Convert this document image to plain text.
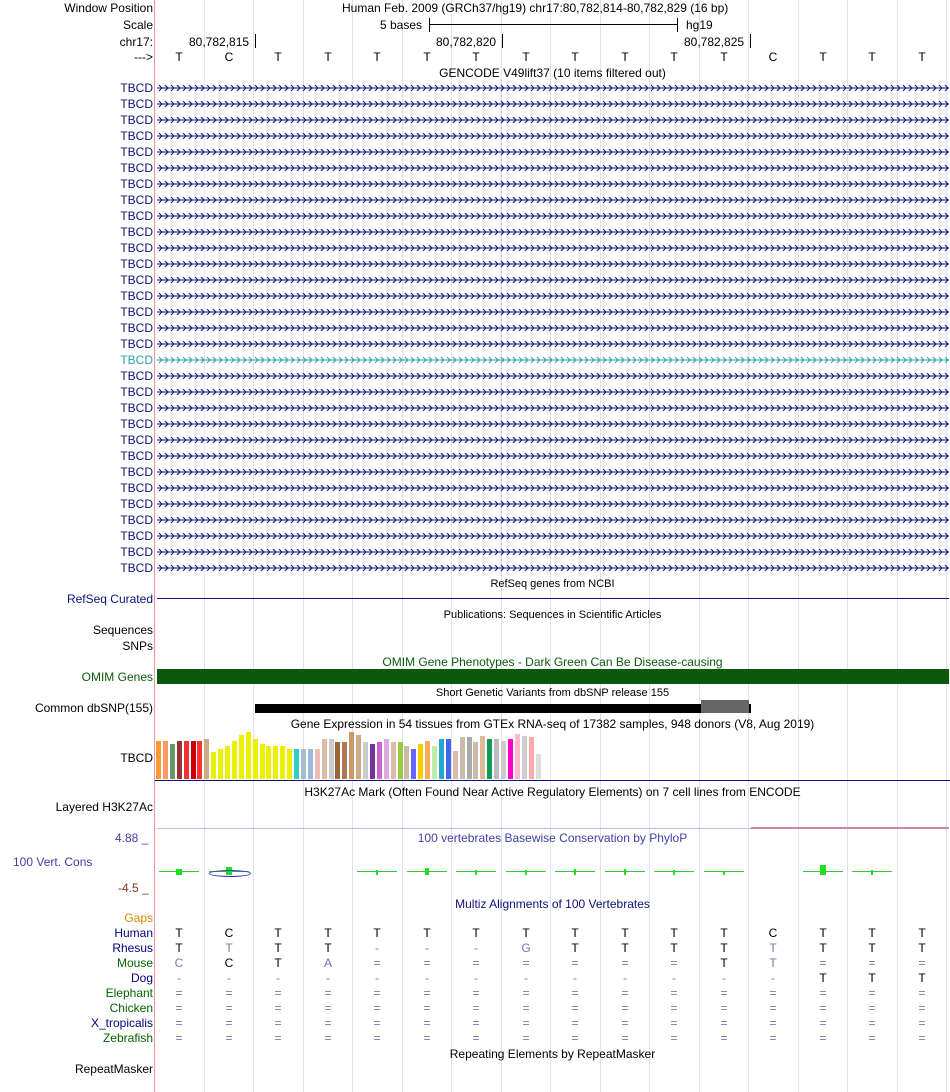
Window Position	Human Feb. 2009 (GRCh37/hg19) chr17:80,782,814-80,782,829 (16 bp)
Scale	5 bases	hg19
chr17:	80,782,815	80,782,820	80,782,825
---> T	C	T	T	T	T	T	T	T	T	T	T	C	T	T	T
GENCODE V49lift37 (10 items filtered out)
TBCD
TBCD
TBCD
TBCD
TBCD
TBCD
TBCD
TBCD
TBCD
TBCD
TBCD
TBCD
TBCD
TBCD
TBCD
TBCD
TBCD
TBCD
TBCD
TBCD
TBCD
TBCD
TBCD
TBCD
TBCD
TBCD
TBCD
TBCD
TBCD
TBCD
TBCD
RefSeq genes from NCBI
RefSeq Curated
Publications: Sequences in Scientific Articles
Sequences
SNPs
OMIM Gene Phenotypes - Dark Green Can Be Disease-causing
OMIM Genes
Short Genetic Variants from dbSNP release 155
Common dbSNP(155)
Gene Expression in 54 tissues from GTEx RNA-seq of 17382 samples, 948 donors (V8, Aug 2019)
TBCD
H3K27Ac Mark (Often Found Near Active Regulatory Elements) on 7 cell lines from ENCODE
Layered H3K27Ac
100 vertebrates Basewise Conservation by PhyloP
4.88 _
100 Vert. Cons
-4.5 _
Multiz Alignments of 100 Vertebrates
Gaps
Human T	C	T	T	T	T	T	T	T	T	T	T	C	T	T	T
Rhesus T	T	T	T	-	-	-	G	T	T	T	T	T	T	T	T
Mouse C	C	T	A	=	=	=	=	=	=	=	T	T	=	=	=
Dog	-	-	-	-	-	-	-	-	-	-	-	-	-	T	T	T
Elephant =	=	=	=	=	=	=	=	=	=	=	=	=	=	=	=
Chicken =	=	=	=	=	=	=	=	=	=	=	=	=	=	=	=
X_tropicalis =	=	=	=	=	=	=	=	=	=	=	=	=	=	=	=
Zebrafish =	=	=	=	=	=	=	=	=	=	=	=	=	=	=	=
Repeating Elements by RepeatMasker
RepeatMasker
